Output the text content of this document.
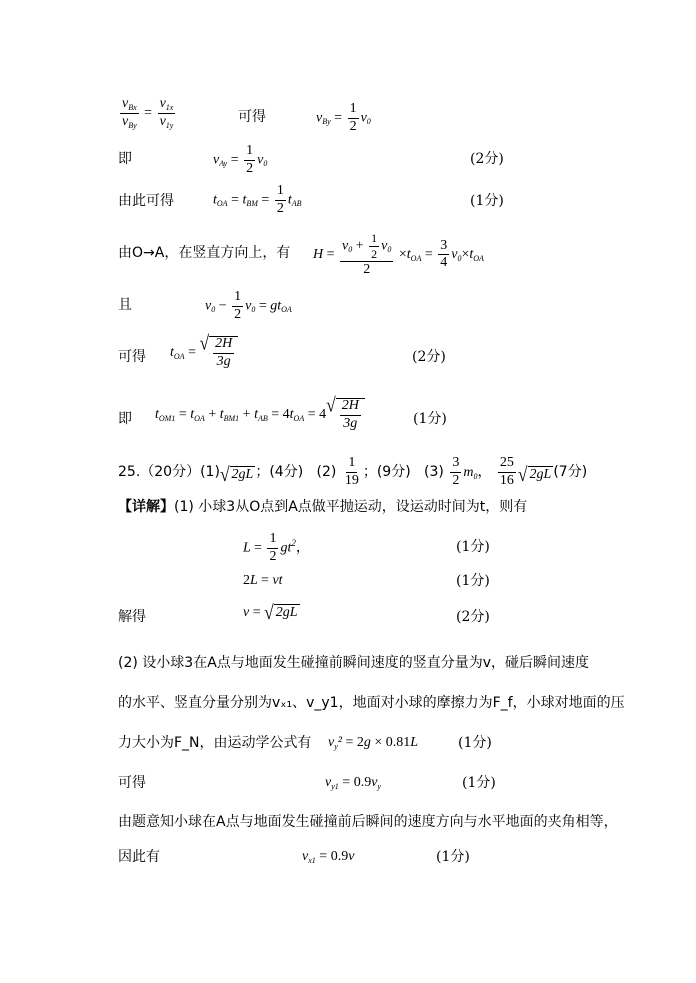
$\frac{v_{Bx}}{v_{By}} = \frac{v_{1x}}{v_{1y}}$	可得	$v_{By} = \frac{1}{2} v_0$
即	$v_{Ay} = \frac{1}{2} v_0$	(2分)
由此可得	$t_{OA} = t_{BM} = \frac{1}{2} t_{AB}$	(1分)
由O→A，在竖直方向上，有 $H = \frac{v_0 + \frac{1}{2} v_0}{2} \times t_{OA} = \frac{3}{4} v_0\times t_{OA}$
且	$v_0 - \frac{1}{2} v_0 = gt_{OA}$
可得 $t_{OA}$ = √ $\frac{2H}{3g}$	(2分)
即 $t_{OM1} = t_{OA} + t_{BM1} + t_{AB} = 4t_{OA} = 4$ √ $\frac{2H}{3g}$	(1分)
25.（20分）(1) √ 2gL ；(4分) $(2) \frac{1}{19}$ ；(9分) $(3) \frac{3}{2} m_0$， $\frac{25}{16}$ √ 2gL (7分)
【详解】(1) 小球3从O点到A点做平抛运动，设运动时间为t，则有
$L = \frac{1}{2} gt^2$，	(1分)
2L = vt	(1分)
解得	v = √ 2gL	(2分)
(2) 设小球3在A点与地面发生碰撞前瞬间速度的竖直分量为v，碰后瞬间速度
的水平、竖直分量分别为vₓ₁、v_y1，地面对小球的摩擦力为F_f，小球对地面的压
力大小为F_N，由运动学公式有 $v_y^2 = 2g \times 0.81L$	(1分)
可得	$v_{y1} = 0.9v_y$	(1分)
由题意知小球在A点与地面发生碰撞前后瞬间的速度方向与水平地面的夹角相等，
因此有	$v_{x1} = 0.9v$	(1分)
